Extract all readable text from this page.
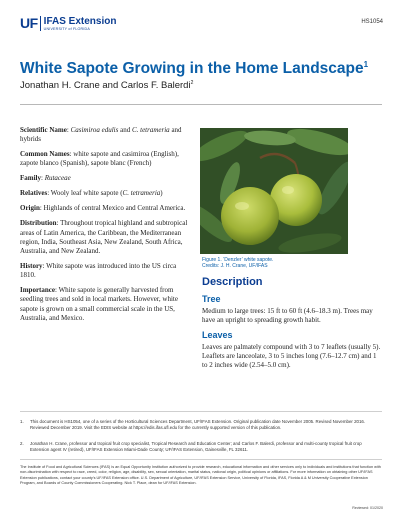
UF IFAS Extension
UNIVERSITY of FLORIDA
HS1054
White Sapote Growing in the Home Landscape$^1$
Jonathan H. Crane and Carlos F. Balerdi$^2$

Scientific Name: Casimiroa edulis and C. tetrameria and hybrids

Common Names: white sapote and casimiroa (English), zapote blanco (Spanish), sapote blanc (French)

Family: Rutaceae

Relatives: Wooly leaf white sapote (C. tetrameria)

Origin: Highlands of central Mexico and Central America.

Distribution: Throughout tropical highland and subtropical areas of Latin America, the Caribbean, the Mediterranean region, India, Southeast Asia, New Zealand, South Africa, Australia, and New Zealand.

History: White sapote was introduced into the US circa 1810.

Importance: White sapote is generally harvested from seedling trees and sold in local markets. However, white sapote is grown on a small commercial scale in the US, Australia, and Mexico.

Figure 1. ‘Denzler’ white sapote.
Credits: J. H. Crane, UF/IFAS
Description
Tree

Medium to large trees: 15 ft to 60 ft (4.6–18.3 m). Trees may have an upright to spreading growth habit.

Leaves

Leaves are palmately compound with 3 to 7 leaflets (usually 5). Leaflets are lanceolate, 3 to 5 inches long (7.6–12.7 cm) and 1 to 2 inches wide (2.54–5.0 cm).

1. This document is HS1054, one of a series of the Horticultural Sciences Department, UF/IFAS Extension. Original publication date November 2005. Revised November 2016. Reviewed December 2019. Visit the EDIS website at https://edis.ifas.ufl.edu for the currently supported version of this publication.
2. Jonathan H. Crane, professor and tropical fruit crop specialist, Tropical Research and Education Center; and Carlos F. Balerdi, professor and multi-county tropical fruit crop Extension agent IV (retired), UF/IFAS Extension Miami-Dade County; UF/IFAS Extension, Gainesville, FL 32611.

The Institute of Food and Agricultural Sciences (IFAS) is an Equal Opportunity Institution authorized to provide research, educational information and other services only to individuals and institutions that function with non-discrimination with respect to race, creed, color, religion, age, disability, sex, sexual orientation, marital status, national origin, political opinions or affiliations. For more information on obtaining other UF/IFAS Extension publications, contact your county’s UF/IFAS Extension office. U.S. Department of Agriculture, UF/IFAS Extension Service, University of Florida, IFAS, Florida A & M University Cooperative Extension Program, and Boards of County Commissioners Cooperating. Nick T. Place, dean for UF/IFAS Extension.

Reviewed: 01/2020
